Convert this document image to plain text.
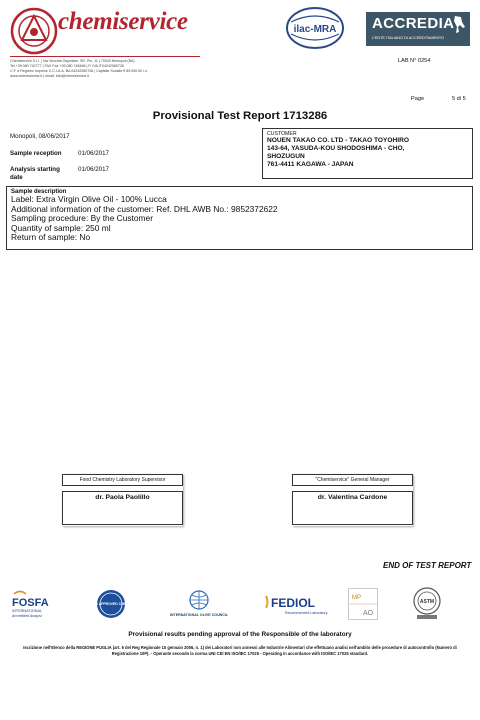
chemiservice
Chemiservice S.r.l. | Via Vecchia Ospedale, SR. Pio, 11 | 70043 Monopoli (BA)
Tel +39 080 742777 | FAX Fax +39 080 748486 | P. IVA IT04242080726
C.F. e Registro Imprese C.C.I.A.A. BA 04242080726 | Capitale Sociale € 89.000,00 i.v.
www.chemiservice.it | email: info@chemiservice.it
ilac-MRA ACCREDIA
L'ENTE ITALIANO DI ACCREDITAMENTO
LAB N° 0254
Page	5 di 5
Provisional Test Report 1713286
Monopoli, 08/06/2017
Sample reception	01/06/2017
Analysis starting
date
01/06/2017
CUSTOMER
NOUEN TAKAO CO. LTD - TAKAO TOYOHIRO
143-64, YASUDA-KOU SHODOSHIMA - CHO,
SHOZUGUN
761-4411 KAGAWA - JAPAN
Sample description
Label: Extra Virgin Olive Oil - 100% Lucca
Additional information of the customer: Ref. DHL AWB No.: 9852372622
Sampling procedure: By the Customer
Quantity of sample: 250 ml
Return of sample: No
Food Chemistry Laboratory Supervisor
dr. Paola Paolillo
"Chemiservice" General Manager
dr. Valentina Cardone
END OF TEST REPORT
FOSFA
INTERNATIONAL
Accredited Analyst
AOCS APPROVED CHEMIST
INTERNATIONAL OLIVE COUNCIL
FEDIOL
Recommended Laboratory
MP
AO
ASTM
Provisional results pending approval of the Responsible of the laboratory
Iscrizione nell'Elenco della REGIONE PUGLIA (art. 6 del Reg Regionale 10 gennaio 2006, n. 1) dei Laboratori non annessi alle Industrie Alimentari che effettuano analisi nell'ambito delle procedure di autocontrollo (Numero di Registrazione 10P). - Operante secondo la norma UNI CEI EN ISO/IEC 17025 - Operating in accordance with ISO/IEC 17025 standard.
